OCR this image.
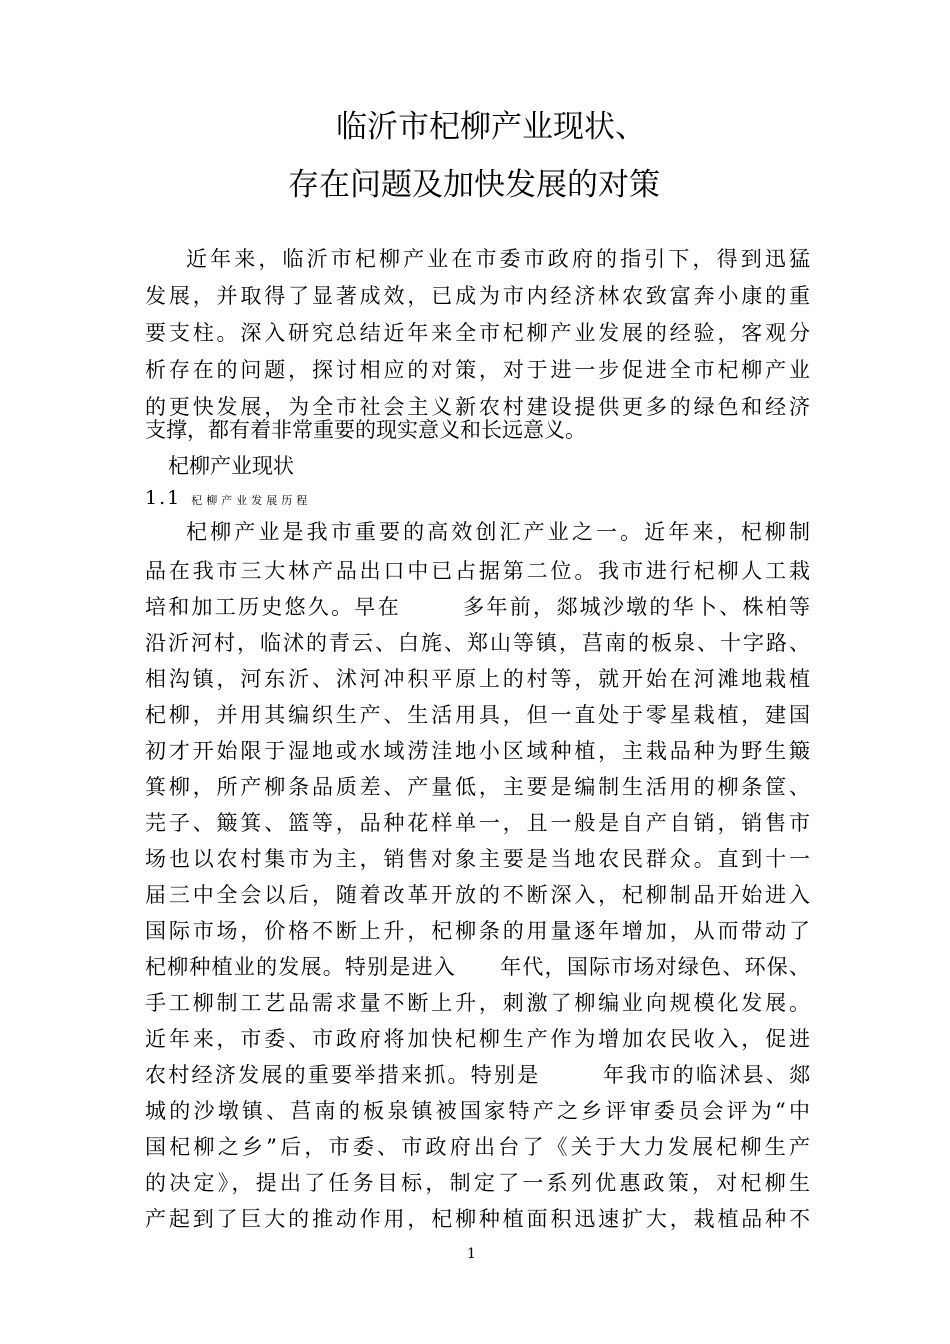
临沂市杞柳产业现状、
存在问题及加快发展的对策
近年来，临沂市杞柳产业在市委市政府的指引下，得到迅猛
发展，并取得了显著成效，已成为市内经济林农致富奔小康的重
要支柱。深入研究总结近年来全市杞柳产业发展的经验，客观分
析存在的问题，探讨相应的对策，对于进一步促进全市杞柳产业
的更快发展，为全市社会主义新农村建设提供更多的绿色和经济
支撑，都有着非常重要的现实意义和长远意义。
杞柳产业现状
1.1 杞柳产业发展历程
杞柳产业是我市重要的高效创汇产业之一。近年来，杞柳制
品在我市三大林产品出口中已占据第二位。我市进行杞柳人工栽
培和加工历史悠久。早在	多年前，郯城沙墩的华卜、株柏等
沿沂河村，临沭的青云、白旄、郑山等镇，莒南的板泉、十字路、
相沟镇，河东沂、沭河冲积平原上的村等，就开始在河滩地栽植
杞柳，并用其编织生产、生活用具，但一直处于零星栽植，建国
初才开始限于湿地或水域涝洼地小区域种植，主栽品种为野生簸
箕柳，所产柳条品质差、产量低，主要是编制生活用的柳条筐、
芫子、簸箕、篮等，品种花样单一，且一般是自产自销，销售市
场也以农村集市为主，销售对象主要是当地农民群众。直到十一
届三中全会以后，随着改革开放的不断深入，杞柳制品开始进入
国际市场，价格不断上升，杞柳条的用量逐年增加，从而带动了
杞柳种植业的发展。特别是进入 年代，国际市场对绿色、环保、
手工柳制工艺品需求量不断上升，刺激了柳编业向规模化发展。
近年来，市委、市政府将加快杞柳生产作为增加农民收入，促进
农村经济发展的重要举措来抓。特别是	年我市的临沭县、郯
城的沙墩镇、莒南的板泉镇被国家特产之乡评审委员会评为“中
国杞柳之乡”后，市委、市政府出台了《关于大力发展杞柳生产
的决定》，提出了任务目标，制定了一系列优惠政策，对杞柳生
产起到了巨大的推动作用，杞柳种植面积迅速扩大，栽植品种不
1
